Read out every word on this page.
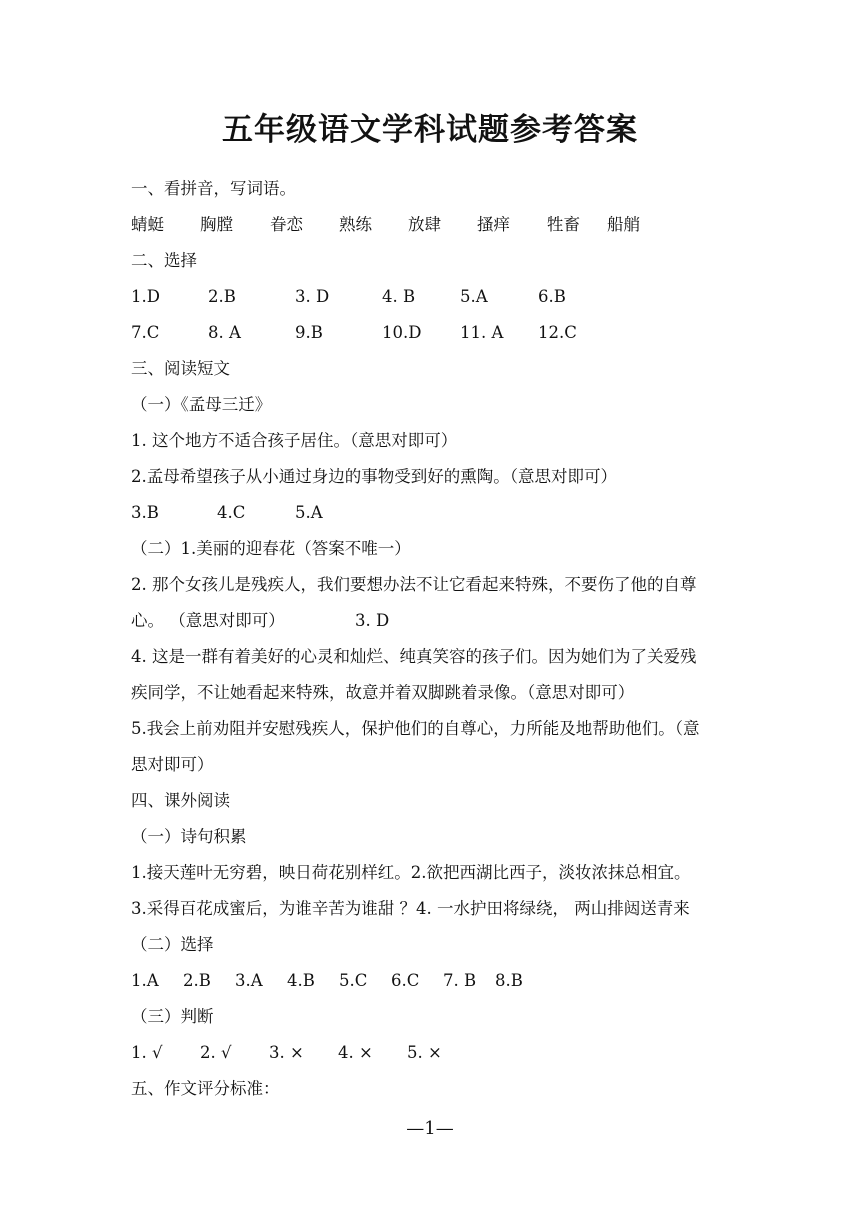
五年级语文学科试题参考答案
一、看拼音，写词语。
蜻蜓 胸膛 眷恋 熟练 放肆 搔痒 牲畜 船艄
二、选择
1.D	2.B	3. D	4. B	5.A	6.B
7.C	8. A	9.B	10.D 11. A 12.C
三、阅读短文
（一）《孟母三迁》
1. 这个地方不适合孩子居住。（意思对即可）
2.孟母希望孩子从小通过身边的事物受到好的熏陶。（意思对即可）
3.B	4.C	5.A
（二）1.美丽的迎春花（答案不唯一）
2. 那个女孩儿是残疾人，我们要想办法不让它看起来特殊，不要伤了他的自尊
心。 （意思对即可）	3. D
4. 这是一群有着美好的心灵和灿烂、纯真笑容的孩子们。因为她们为了关爱残
疾同学，不让她看起来特殊，故意并着双脚跳着录像。（意思对即可）
5.我会上前劝阻并安慰残疾人，保护他们的自尊心，力所能及地帮助他们。（意
思对即可）
四、课外阅读
（一）诗句积累
1.接天莲叶无穷碧，映日荷花别样红。2.欲把西湖比西子，淡妆浓抹总相宜。
3.采得百花成蜜后，为谁辛苦为谁甜 ？4. 一水护田将绿绕， 两山排闼送青来
（二）选择
1.A 2.B 3.A 4.B 5.C 6.C 7. B 8.B
（三）判断
1. √ 2. √ 3. × 4. × 5. ×
五、作文评分标准：
—1—
